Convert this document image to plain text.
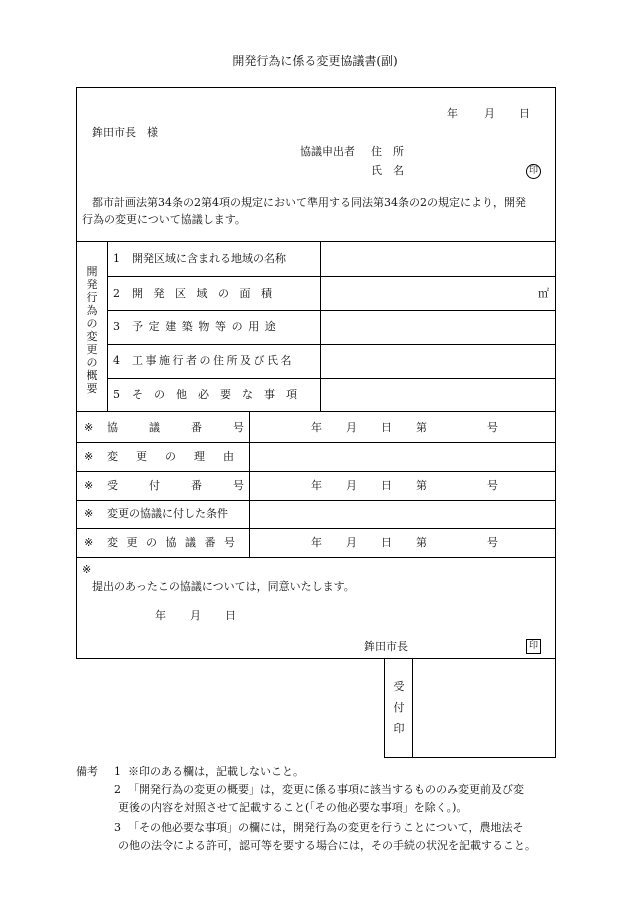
開発行為に係る変更協議書(副)
年 月 日
鉾田市長　様
協議申出者 住　所
氏　名	印
都市計画法第34条の2第4項の規定において準用する同法第34条の2の規定により，開発
行為の変更について協議します。
開発行為の変更の概要
1 開発区域に含まれる地域の名称
2 開発区域の面積	㎡
3 予定建築物等の用途
4 工事施行者の住所及び氏名
5 その他必要な事項
※ 協議番号	年 月 日 第	号
※ 変更の理由
※ 受付番号	年 月 日 第	号
※ 変更の協議に付した条件
※ 変更の協議番号	年 月 日 第	号
※
提出のあったこの協議については，同意いたします。
年 月 日
鉾田市長	印
受付印
備考 1 ※印のある欄は，記載しないこと。
2 「開発行為の変更の概要」は，変更に係る事項に該当するもののみ変更前及び変
更後の内容を対照させて記載すること(「その他必要な事項」を除く。)。
3 「その他必要な事項」の欄には，開発行為の変更を行うことについて，農地法そ
の他の法令による許可，認可等を要する場合には，その手続の状況を記載すること。
